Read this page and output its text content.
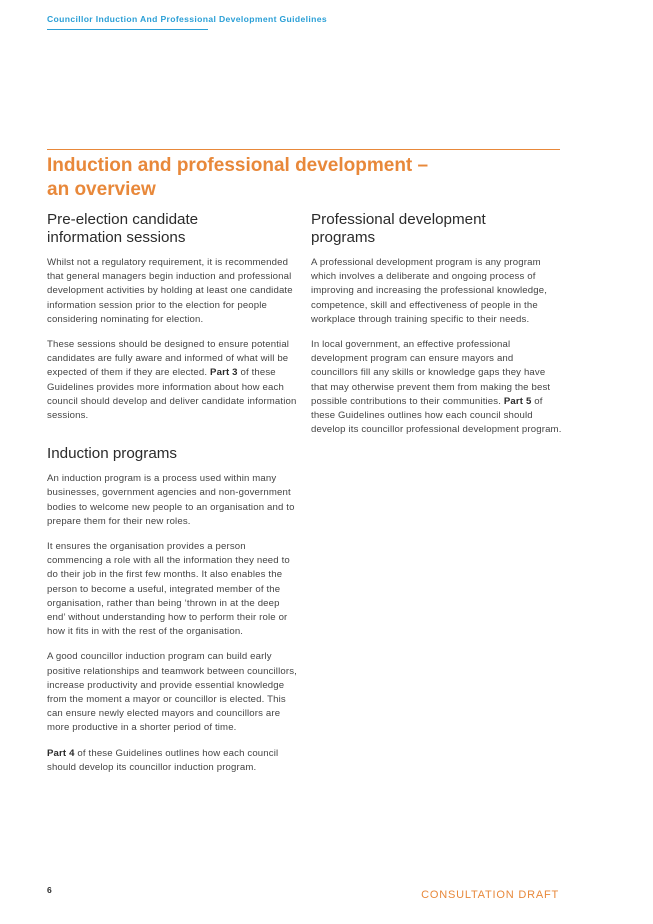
Councillor Induction And Professional Development Guidelines
Induction and professional development –
an overview
Pre-election candidate
information sessions

Whilst not a regulatory requirement, it is recommended that general managers begin induction and professional development activities by holding at least one candidate information session prior to the election for people considering nominating for election.

These sessions should be designed to ensure potential candidates are fully aware and informed of what will be expected of them if they are elected. Part 3 of these Guidelines provides more information about how each council should develop and deliver candidate information sessions.

Induction programs

An induction program is a process used within many businesses, government agencies and non-government bodies to welcome new people to an organisation and to prepare them for their new roles.

It ensures the organisation provides a person commencing a role with all the information they need to do their job in the first few months. It also enables the person to become a useful, integrated member of the organisation, rather than being ‘thrown in at the deep end’ without understanding how to perform their role or how it fits in with the rest of the organisation.

A good councillor induction program can build early positive relationships and teamwork between councillors, increase productivity and provide essential knowledge from the moment a mayor or councillor is elected. This can ensure newly elected mayors and councillors are more productive in a shorter period of time.

Part 4 of these Guidelines outlines how each council should develop its councillor induction program.

Professional development
programs

A professional development program is any program which involves a deliberate and ongoing process of improving and increasing the professional knowledge, competence, skill and effectiveness of people in the workplace through training specific to their needs.

In local government, an effective professional development program can ensure mayors and councillors fill any skills or knowledge gaps they have that may otherwise prevent them from making the best possible contributions to their communities. Part 5 of these Guidelines outlines how each council should develop its councillor professional development program.

6	CONSULTATION DRAFT
